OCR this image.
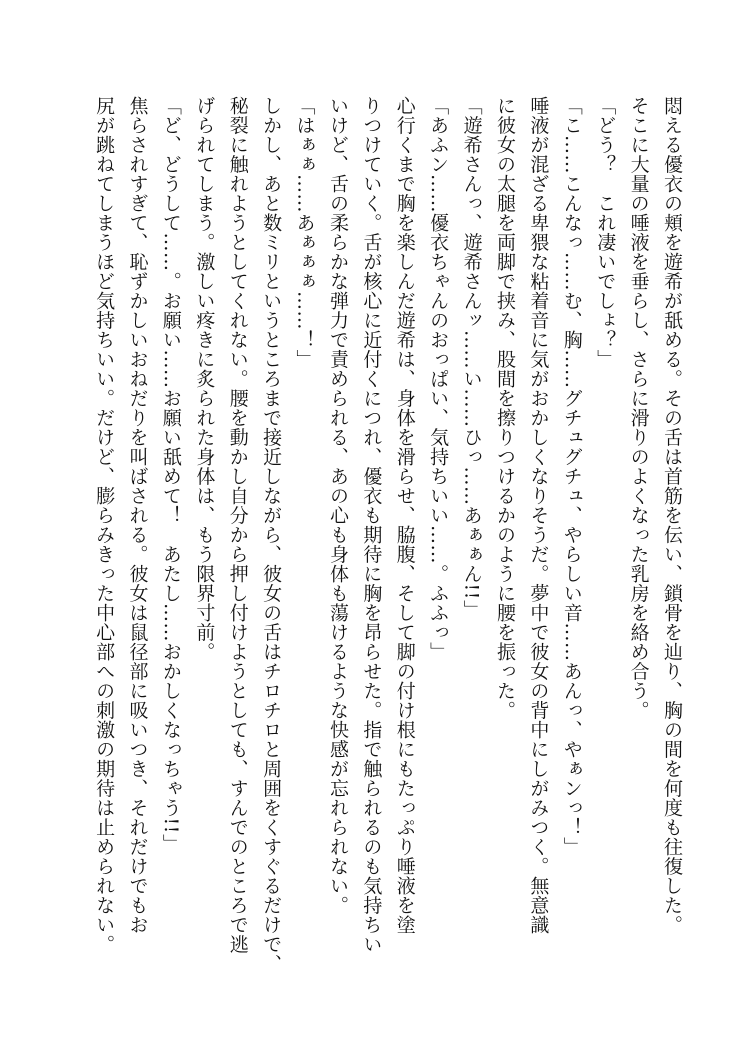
悶える優衣の頬を遊希が舐める。その舌は首筋を伝い、鎖骨を辿り、胸の間を何度も往復した。
そこに大量の唾液を垂らし、さらに滑りのよくなった乳房を絡め合う。
「どう？　これ凄いでしょ？」
「こ……こんなっ……む、胸……グチュグチュ、やらしい音……あんっ、やぁンっ！」
唾液が混ざる卑猥な粘着音に気がおかしくなりそうだ。夢中で彼女の背中にしがみつく。無意識
に彼女の太腿を両脚で挟み、股間を擦りつけるかのように腰を振った。
「遊希さんっ、遊希さんッ……い……ひっ……あぁぁん!!」
「あふン……優衣ちゃんのおっぱい、気持ちいい……。ふふっ」
心行くまで胸を楽しんだ遊希は、身体を滑らせ、脇腹、そして脚の付け根にもたっぷり唾液を塗
りつけていく。舌が核心に近付くにつれ、優衣も期待に胸を昂らせた。指で触られるのも気持ちい
いけど、舌の柔らかな弾力で責められる、あの心も身体も蕩けるような快感が忘れられない。
「はぁぁ……あぁぁぁ……！」
しかし、あと数ミリというところまで接近しながら、彼女の舌はチロチロと周囲をくすぐるだけで、
秘裂に触れようとしてくれない。腰を動かし自分から押し付けようとしても、すんでのところで逃
げられてしまう。激しい疼きに炙られた身体は、もう限界寸前。
「ど、どうして……。お願い……お願い舐めて！　あたし……おかしくなっちゃう!!」
焦らされすぎて、恥ずかしいおねだりを叫ばされる。彼女は鼠径部に吸いつき、それだけでもお
尻が跳ねてしまうほど気持ちいい。だけど、膨らみきった中心部への刺激の期待は止められない。
